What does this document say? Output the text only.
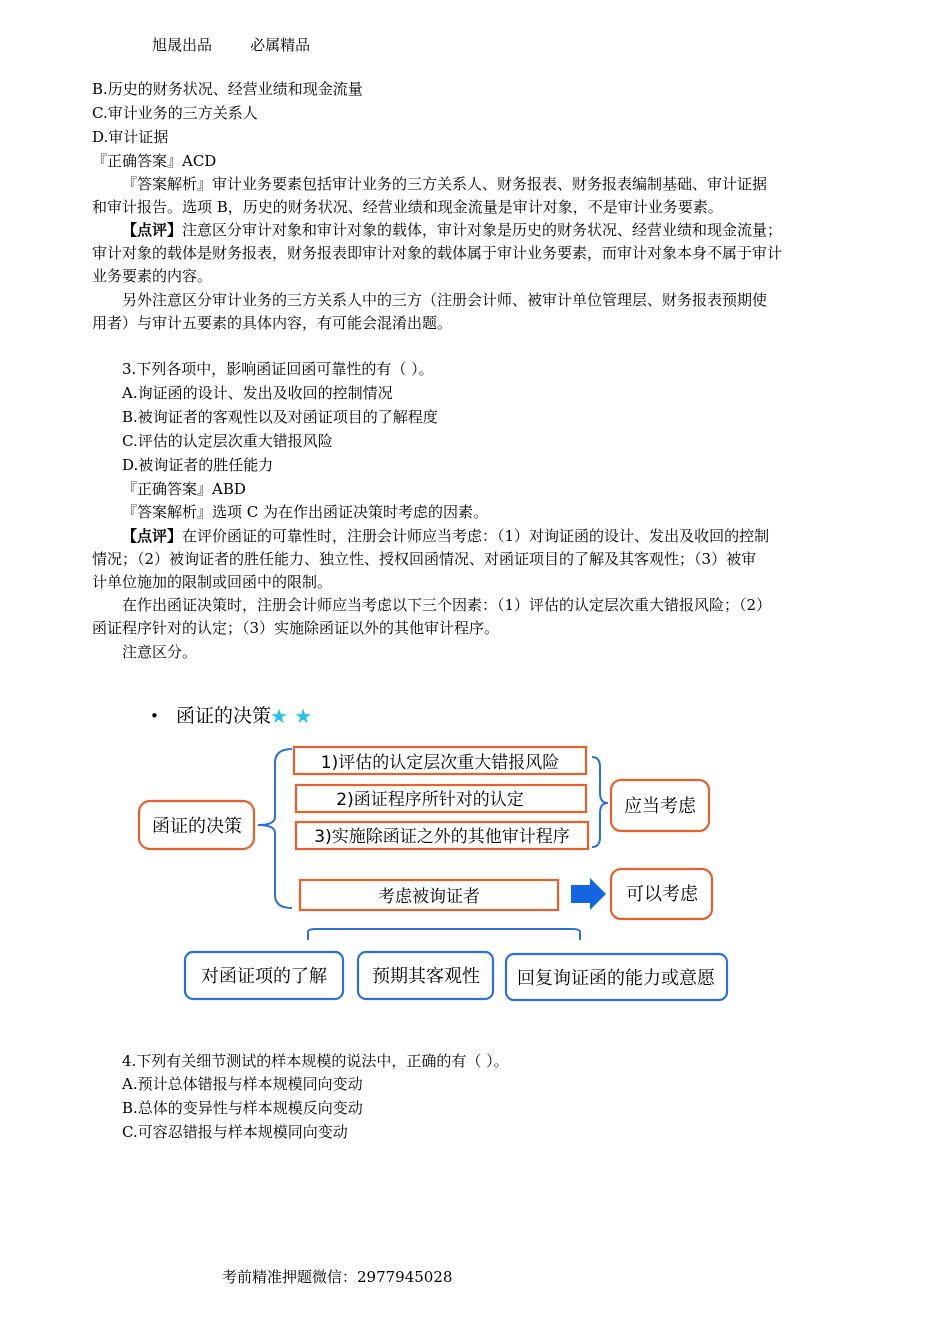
旭晟出品        必属精品
B.历史的财务状况、经营业绩和现金流量
C.审计业务的三方关系人
D.审计证据
『正确答案』ACD
『答案解析』审计业务要素包括审计业务的三方关系人、财务报表、财务报表编制基础、审计证据
和审计报告。选项 B，历史的财务状况、经营业绩和现金流量是审计对象，不是审计业务要素。
【点评】注意区分审计对象和审计对象的载体，审计对象是历史的财务状况、经营业绩和现金流量；
审计对象的载体是财务报表，财务报表即审计对象的载体属于审计业务要素，而审计对象本身不属于审计
业务要素的内容。
另外注意区分审计业务的三方关系人中的三方（注册会计师、被审计单位管理层、财务报表预期使
用者）与审计五要素的具体内容，有可能会混淆出题。
3.下列各项中，影响函证回函可靠性的有（ ）。
A.询证函的设计、发出及收回的控制情况
B.被询证者的客观性以及对函证项目的了解程度
C.评估的认定层次重大错报风险
D.被询证者的胜任能力
『正确答案』ABD
『答案解析』选项 C 为在作出函证决策时考虑的因素。
【点评】在评价函证的可靠性时，注册会计师应当考虑：（1）对询证函的设计、发出及收回的控制
情况；（2）被询证者的胜任能力、独立性、授权回函情况、对函证项目的了解及其客观性；（3）被审
计单位施加的限制或回函中的限制。
在作出函证决策时，注册会计师应当考虑以下三个因素：（1）评估的认定层次重大错报风险；（2）
函证程序针对的认定；（3）实施除函证以外的其他审计程序。
注意区分。
• 函证的决策
★ ★
函证的决策
1)评估的认定层次重大错报风险
2)函证程序所针对的认定
3)实施除函证之外的其他审计程序
应当考虑
考虑被询证者	可以考虑
对函证项的了解	预期其客观性 回复询证函的能力或意愿
4.下列有关细节测试的样本规模的说法中，正确的有（ ）。
A.预计总体错报与样本规模同向变动
B.总体的变异性与样本规模反向变动
C.可容忍错报与样本规模同向变动
考前精准押题微信：2977945028
